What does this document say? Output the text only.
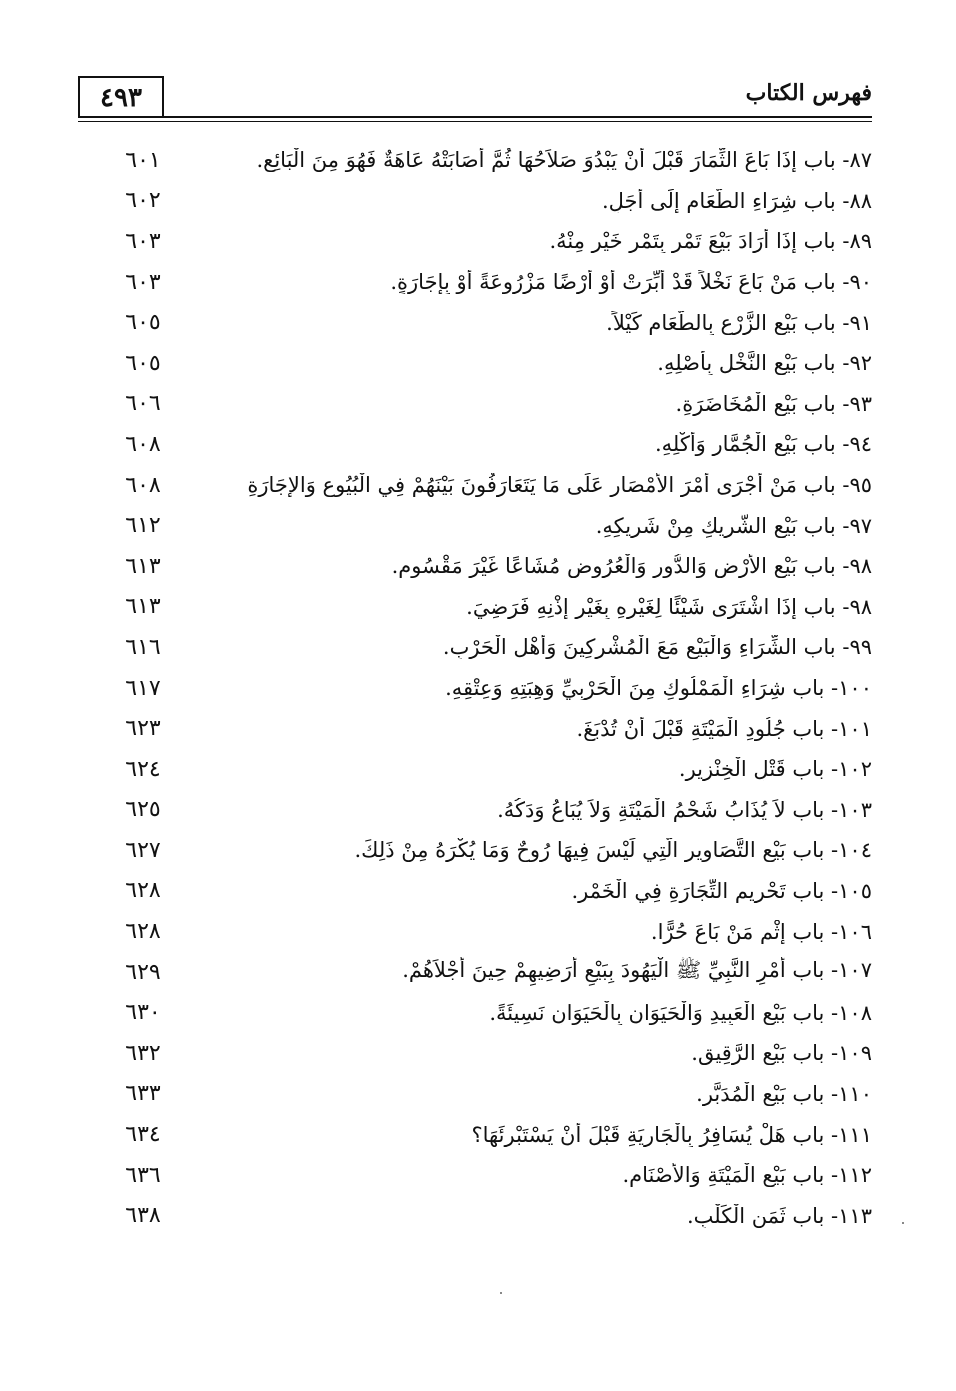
٤٩٣	فهرس الكتاب
٨٧- باب إِذَا بَاعَ الثِّمَارَ قَبْلَ أَنْ يَبْدُوَ صَلاَحُهَا ثُمَّ أَصَابَتْهُ عَاهَةٌ فَهُوَ مِنَ الْبَائِعِ.
٦٠١
٨٨- باب شِرَاءِ الطَّعَامِ إِلَى أَجَلٍ.
٦٠٢
٨٩- باب إِذَا أَرَادَ بَيْعَ تَمْرٍ بِتَمْرٍ خَيْرٍ مِنْهُ.
٦٠٣
٩٠- باب مَنْ بَاعَ نَخْلاً قَدْ أُبِّرَتْ أَوْ أَرْضًا مَزْرُوعَةً أَوْ بِإِجَارَةٍ.
٦٠٣
٩١- باب بَيْعِ الزَّرْعِ بِالطَّعَامِ كَيْلاً.
٦٠٥
٩٢- باب بَيْعِ النَّخْلِ بِأَصْلِهِ.
٦٠٥
٩٣- باب بَيْعِ الْمُخَاضَرَةِ.
٦٠٦
٩٤- باب بَيْعِ الْجُمَّارِ وَأَكْلِهِ.
٦٠٨
٩٥- باب مَنْ أَجْرَى أَمْرَ الأَمْصَارِ عَلَى مَا يَتَعَارَفُونَ بَيْنَهُمْ فِي الْبُيُوعِ وَالإِجَارَةِ
٦٠٨
٩٧- باب بَيْعِ الشَّرِيكِ مِنْ شَرِيكِهِ.
٦١٢
٩٨- باب بَيْعِ الأَرْضِ وَالدُّورِ وَالْعُرُوضِ مُشَاعًا غَيْرَ مَقْسُومٍ.
٦١٣
٩٨- باب إِذَا اشْتَرَى شَيْئًا لِغَيْرِهِ بِغَيْرِ إِذْنِهِ فَرَضِيَ.
٦١٣
٩٩- باب الشِّرَاءِ وَالْبَيْعِ مَعَ الْمُشْرِكِينَ وَأَهْلِ الْحَرْبِ.
٦١٦
١٠٠- باب شِرَاءِ الْمَمْلُوكِ مِنَ الْحَرْبِيِّ وَهِبَتِهِ وَعِتْقِهِ.
٦١٧
١٠١- باب جُلُودِ الْمَيْتَةِ قَبْلَ أَنْ تُدْبَغَ.
٦٢٣
١٠٢- باب قَتْلِ الْخِنْزِيرِ.
٦٢٤
١٠٣- باب لاَ يُذَابُ شَحْمُ الْمَيْتَةِ وَلاَ يُبَاعُ وَدَكُهُ.
٦٢٥
١٠٤- باب بَيْعِ التَّصَاوِيرِ الَّتِي لَيْسَ فِيهَا رُوحٌ وَمَا يُكْرَهُ مِنْ ذَلِكَ.
٦٢٧
١٠٥- باب تَحْرِيمِ التِّجَارَةِ فِي الْخَمْرِ.
٦٢٨
١٠٦- باب إِثْمِ مَنْ بَاعَ حُرًّا.
٦٢٨
١٠٧- باب أَمْرِ النَّبِيِّ ﷺ الْيَهُودَ بِبَيْعِ أَرَضِيهِمْ حِينَ أَجْلاَهُمْ.
٦٢٩
١٠٨- باب بَيْعِ الْعَبِيدِ وَالْحَيَوَانِ بِالْحَيَوَانِ نَسِيئَةً.
٦٣٠
١٠٩- باب بَيْعِ الرَّقِيقِ.
٦٣٢
١١٠- باب بَيْعِ الْمُدَبَّرِ.
٦٣٣
١١١- باب هَلْ يُسَافِرُ بِالْجَارِيَةِ قَبْلَ أَنْ يَسْتَبْرِئَهَا؟
٦٣٤
١١٢- باب بَيْعِ الْمَيْتَةِ وَالأَصْنَامِ.
٦٣٦
١١٣- باب ثَمَنِ الْكَلْبِ.
٦٣٨
